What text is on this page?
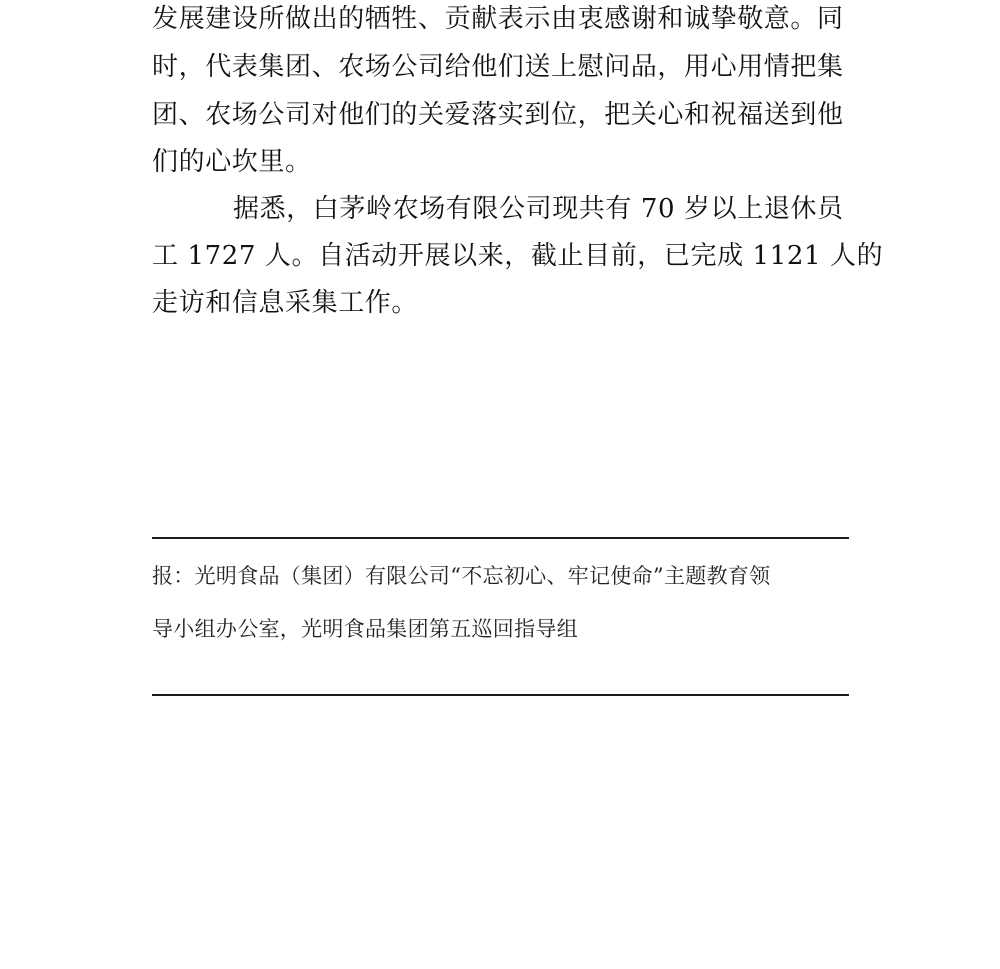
发展建设所做出的牺牲、贡献表示由衷感谢和诚挚敬意。同
时，代表集团、农场公司给他们送上慰问品，用心用情把集
团、农场公司对他们的关爱落实到位，把关心和祝福送到他
们的心坎里。
据悉，白茅岭农场有限公司现共有 70 岁以上退休员
工 1727 人。自活动开展以来，截止目前，已完成 1121 人的
走访和信息采集工作。
报：光明食品（集团）有限公司“不忘初心、牢记使命”主题教育领
导小组办公室，光明食品集团第五巡回指导组
